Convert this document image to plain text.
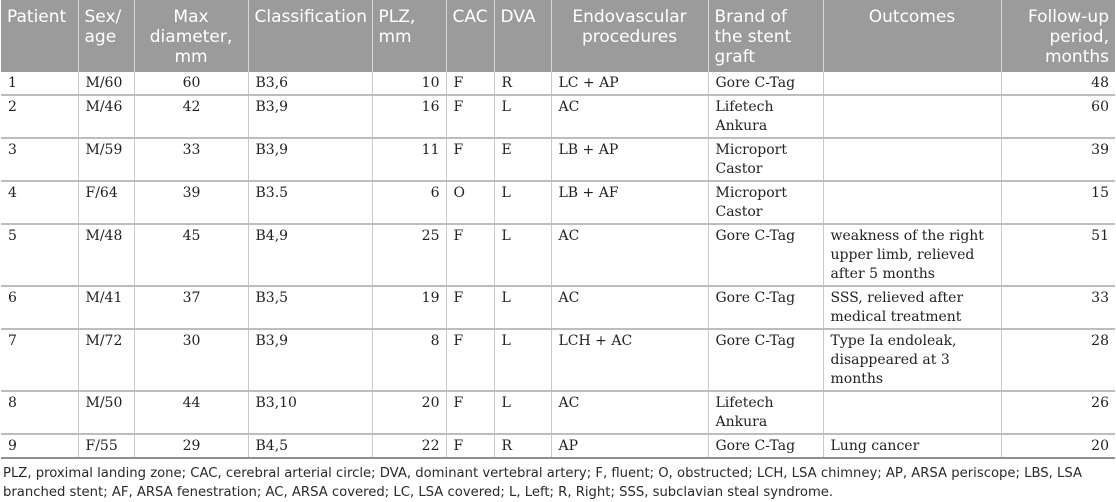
Patient	Sex/ age	Max diameter, mm	Classification	PLZ, mm	CAC	DVA	Endovascular procedures	Brand of the stent graft	Outcomes	Follow-up period, months
1	M/60	60	B3,6	10	F	R	LC + AP	Gore C-Tag		48
2	M/46	42	B3,9	16	F	L	AC	Lifetech Ankura		60
3	M/59	33	B3,9	11	F	E	LB + AP	Microport Castor		39
4	F/64	39	B3.5	6	O	L	LB + AF	Microport Castor		15
5	M/48	45	B4,9	25	F	L	AC	Gore C-Tag	weakness of the right upper limb, relieved after 5 months	51
6	M/41	37	B3,5	19	F	L	AC	Gore C-Tag	SSS, relieved after medical treatment	33
7	M/72	30	B3,9	8	F	L	LCH + AC	Gore C-Tag	Type Ia endoleak, disappeared at 3 months	28
8	M/50	44	B3,10	20	F	L	AC	Lifetech Ankura		26
9	F/55	29	B4,5	22	F	R	AP	Gore C-Tag	Lung cancer	20
PLZ, proximal landing zone; CAC, cerebral arterial circle; DVA, dominant vertebral artery; F, fluent; O, obstructed; LCH, LSA chimney; AP, ARSA periscope; LBS, LSA branched stent; AF, ARSA fenestration; AC, ARSA covered; LC, LSA covered; L, Left; R, Right; SSS, subclavian steal syndrome.
